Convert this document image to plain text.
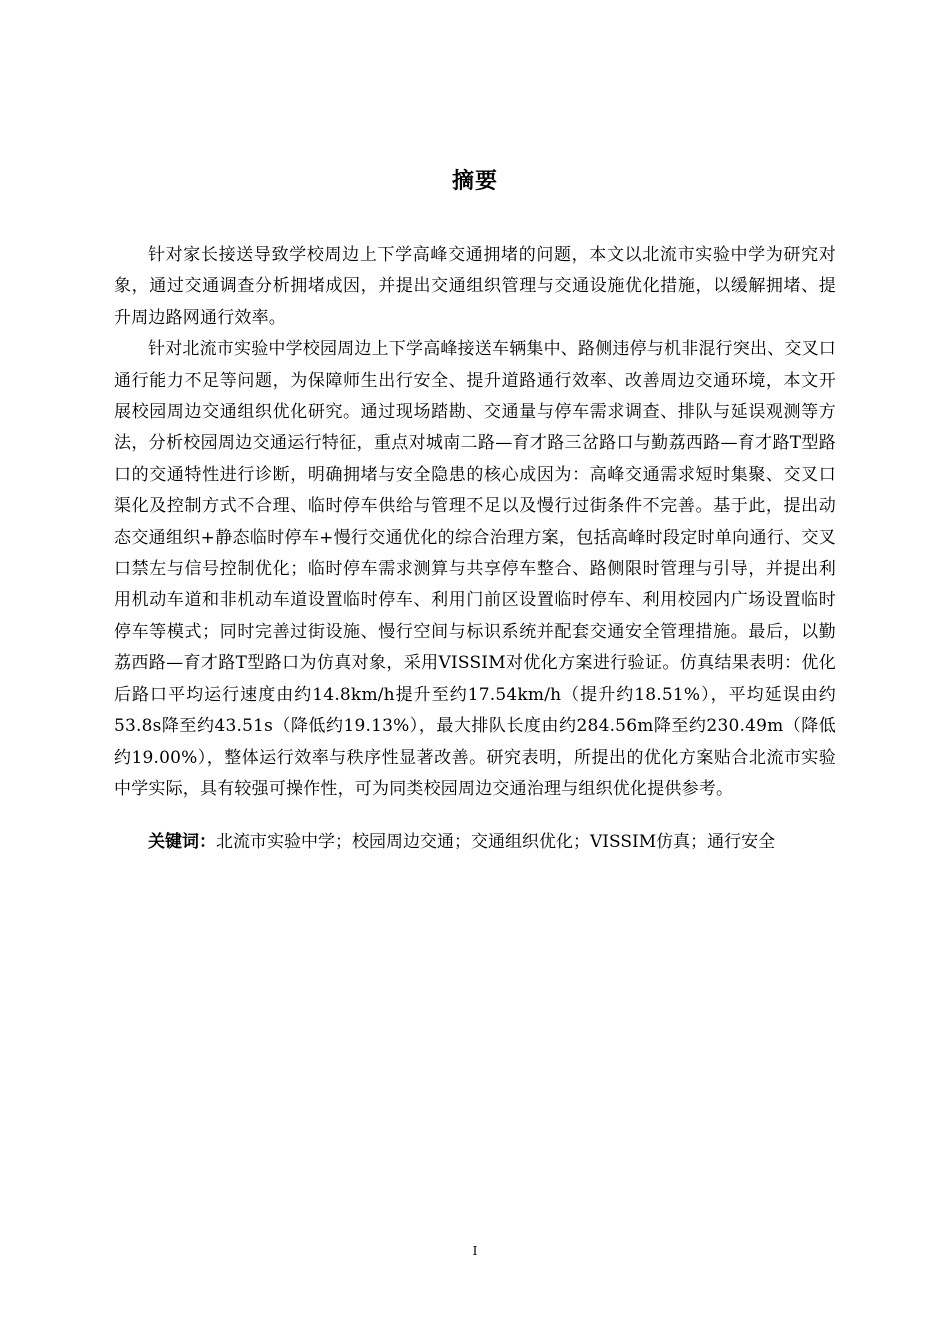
摘要

针对家长接送导致学校周边上下学高峰交通拥堵的问题，本文以北流市实验中学为研究对象，通过交通调查分析拥堵成因，并提出交通组织管理与交通设施优化措施，以缓解拥堵、提升周边路网通行效率。

针对北流市实验中学校园周边上下学高峰接送车辆集中、路侧违停与机非混行突出、交叉口通行能力不足等问题，为保障师生出行安全、提升道路通行效率、改善周边交通环境，本文开展校园周边交通组织优化研究。通过现场踏勘、交通量与停车需求调查、排队与延误观测等方法，分析校园周边交通运行特征，重点对城南二路—育才路三岔路口与勤荔西路—育才路T型路口的交通特性进行诊断，明确拥堵与安全隐患的核心成因为：高峰交通需求短时集聚、交叉口渠化及控制方式不合理、临时停车供给与管理不足以及慢行过街条件不完善。基于此，提出动态交通组织+静态临时停车+慢行交通优化的综合治理方案，包括高峰时段定时单向通行、交叉口禁左与信号控制优化；临时停车需求测算与共享停车整合、路侧限时管理与引导，并提出利用机动车道和非机动车道设置临时停车、利用门前区设置临时停车、利用校园内广场设置临时停车等模式；同时完善过街设施、慢行空间与标识系统并配套交通安全管理措施。最后，以勤荔西路—育才路T型路口为仿真对象，采用VISSIM对优化方案进行验证。仿真结果表明：优化后路口平均运行速度由约14.8km/h提升至约17.54km/h（提升约18.51%），平均延误由约53.8s降至约43.51s（降低约19.13%），最大排队长度由约284.56m降至约230.49m（降低约19.00%），整体运行效率与秩序性显著改善。研究表明，所提出的优化方案贴合北流市实验中学实际，具有较强可操作性，可为同类校园周边交通治理与组织优化提供参考。

关键词：北流市实验中学；校园周边交通；交通组织优化；VISSIM仿真；通行安全

I
